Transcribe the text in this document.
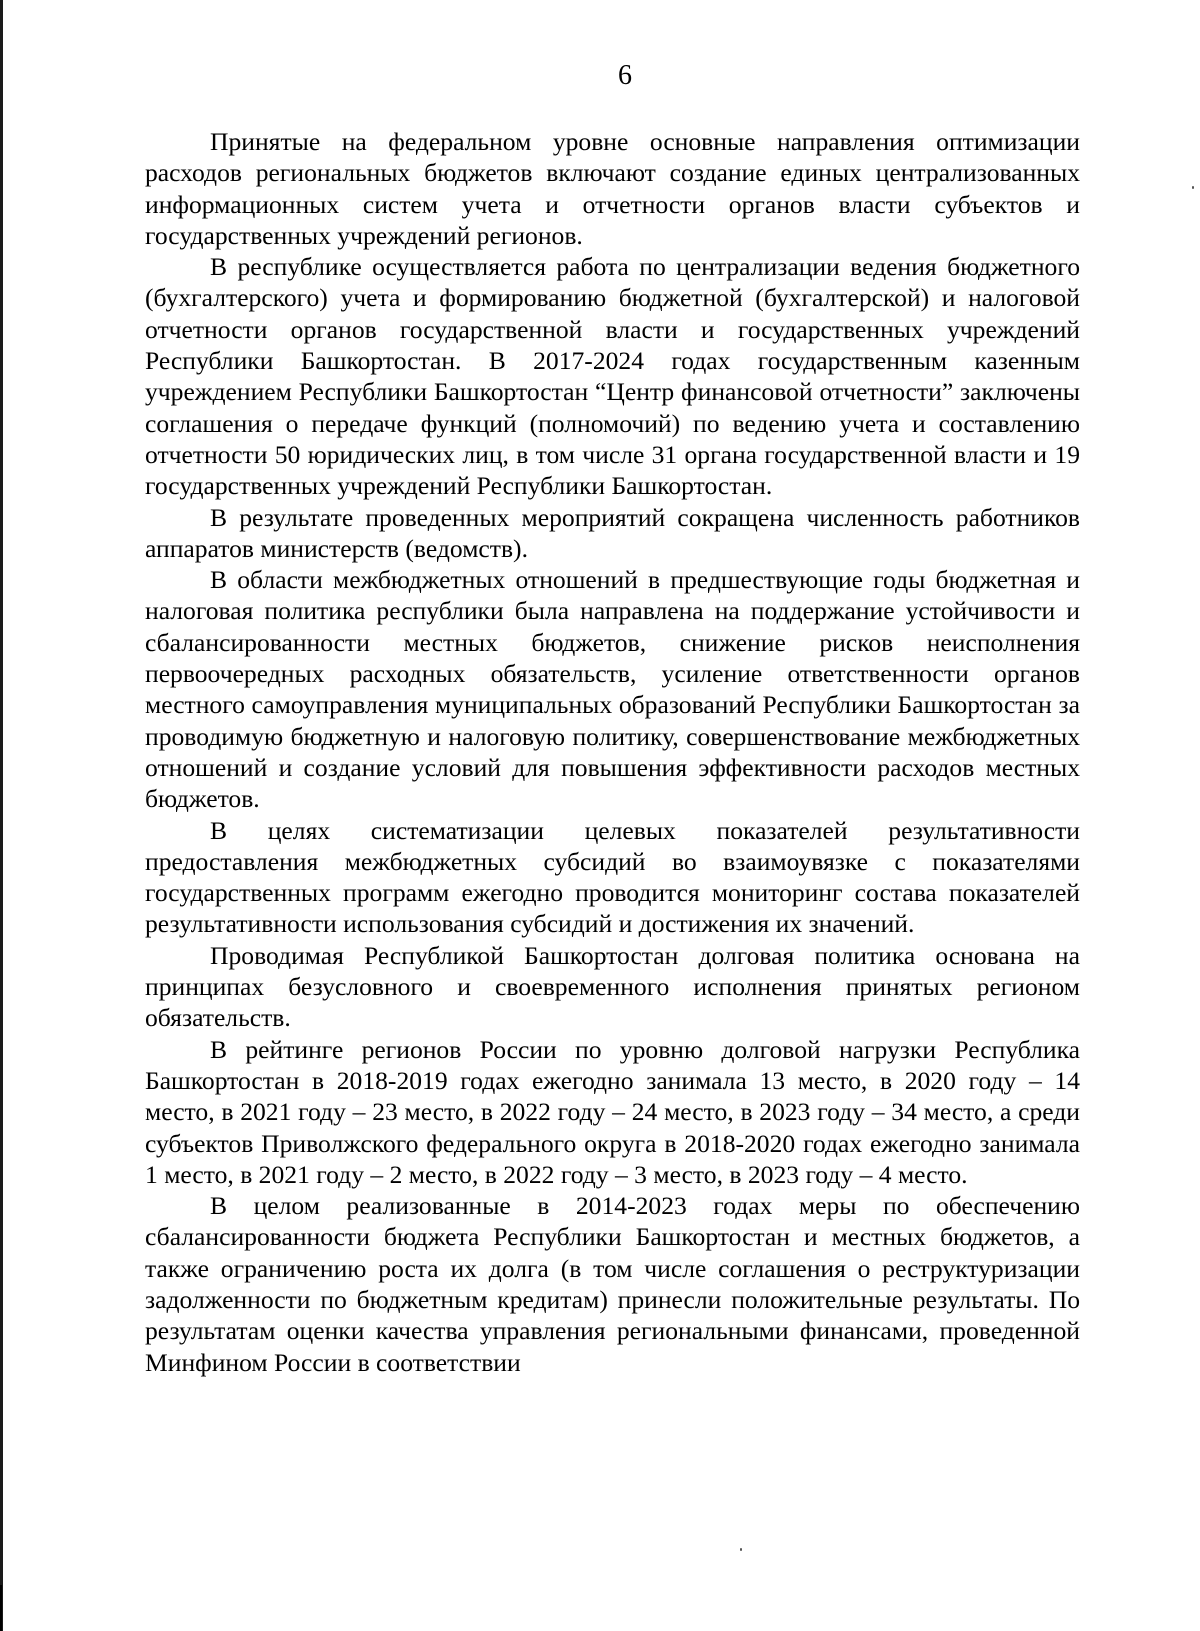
6

Принятые на федеральном уровне основные направления оптимизации расходов региональных бюджетов включают создание единых централизованных информационных систем учета и отчетности органов власти субъектов и государственных учреждений регионов.

В республике осуществляется работа по централизации ведения бюджетного (бухгалтерского) учета и формированию бюджетной (бухгалтерской) и налоговой отчетности органов государственной власти и государственных учреждений Республики Башкортостан. В 2017-2024 годах государственным казенным учреждением Республики Башкортостан “Центр финансовой отчетности” заключены соглашения о передаче функций (полномочий) по ведению учета и составлению отчетности 50 юридических лиц, в том числе 31 органа государственной власти и 19 государственных учреждений Республики Башкортостан.

В результате проведенных мероприятий сокращена численность работников аппаратов министерств (ведомств).

В области межбюджетных отношений в предшествующие годы бюджетная и налоговая политика республики была направлена на поддержание устойчивости и сбалансированности местных бюджетов, снижение рисков неисполнения первоочередных расходных обязательств, усиление ответственности органов местного самоуправления муниципальных образований Республики Башкортостан за проводимую бюджетную и налоговую политику, совершенствование межбюджетных отношений и создание условий для повышения эффективности расходов местных бюджетов.

В целях систематизации целевых показателей результативности предоставления межбюджетных субсидий во взаимоувязке с показателями государственных программ ежегодно проводится мониторинг состава показателей результативности использования субсидий и достижения их значений.

Проводимая Республикой Башкортостан долговая политика основана на принципах безусловного и своевременного исполнения принятых регионом обязательств.

В рейтинге регионов России по уровню долговой нагрузки Республика Башкортостан в 2018-2019 годах ежегодно занимала 13 место, в 2020 году – 14 место, в 2021 году – 23 место, в 2022 году – 24 место, в 2023 году – 34 место, а среди субъектов Приволжского федерального округа в 2018-2020 годах ежегодно занимала 1 место, в 2021 году – 2 место, в 2022 году – 3 место, в 2023 году – 4 место.

В целом реализованные в 2014-2023 годах меры по обеспечению сбалансированности бюджета Республики Башкортостан и местных бюджетов, а также ограничению роста их долга (в том числе соглашения о реструктуризации задолженности по бюджетным кредитам) принесли положительные результаты. По результатам оценки качества управления региональными финансами, проведенной Минфином России в соответствии
